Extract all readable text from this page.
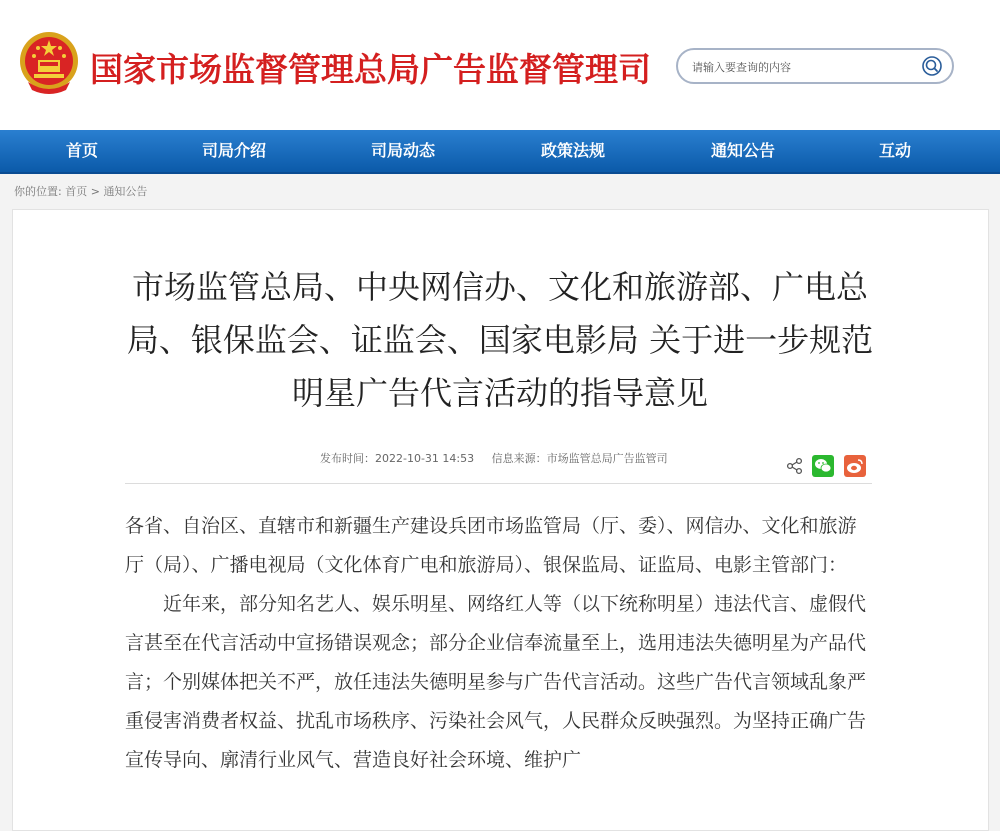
国家市场监督管理总局广告监督管理司
请输入要查询的内容
首页	司局介绍	司局动态	政策法规	通知公告	互动
你的位置: 首页 > 通知公告
市场监管总局、中央网信办、文化和旅游部、广电总局、银保监会、证监会、国家电影局 关于进一步规范明星广告代言活动的指导意见
发布时间：2022-10-31 14:53 信息来源：市场监管总局广告监管司

各省、自治区、直辖市和新疆生产建设兵团市场监管局（厅、委）、网信办、文化和旅游厅（局）、广播电视局（文化体育广电和旅游局）、银保监局、证监局、电影主管部门：

近年来，部分知名艺人、娱乐明星、网络红人等（以下统称明星）违法代言、虚假代言甚至在代言活动中宣扬错误观念；部分企业信奉流量至上，选用违法失德明星为产品代言；个别媒体把关不严，放任违法失德明星参与广告代言活动。这些广告代言领域乱象严重侵害消费者权益、扰乱市场秩序、污染社会风气，人民群众反映强烈。为坚持正确广告宣传导向、廓清行业风气、营造良好社会环境、维护广
